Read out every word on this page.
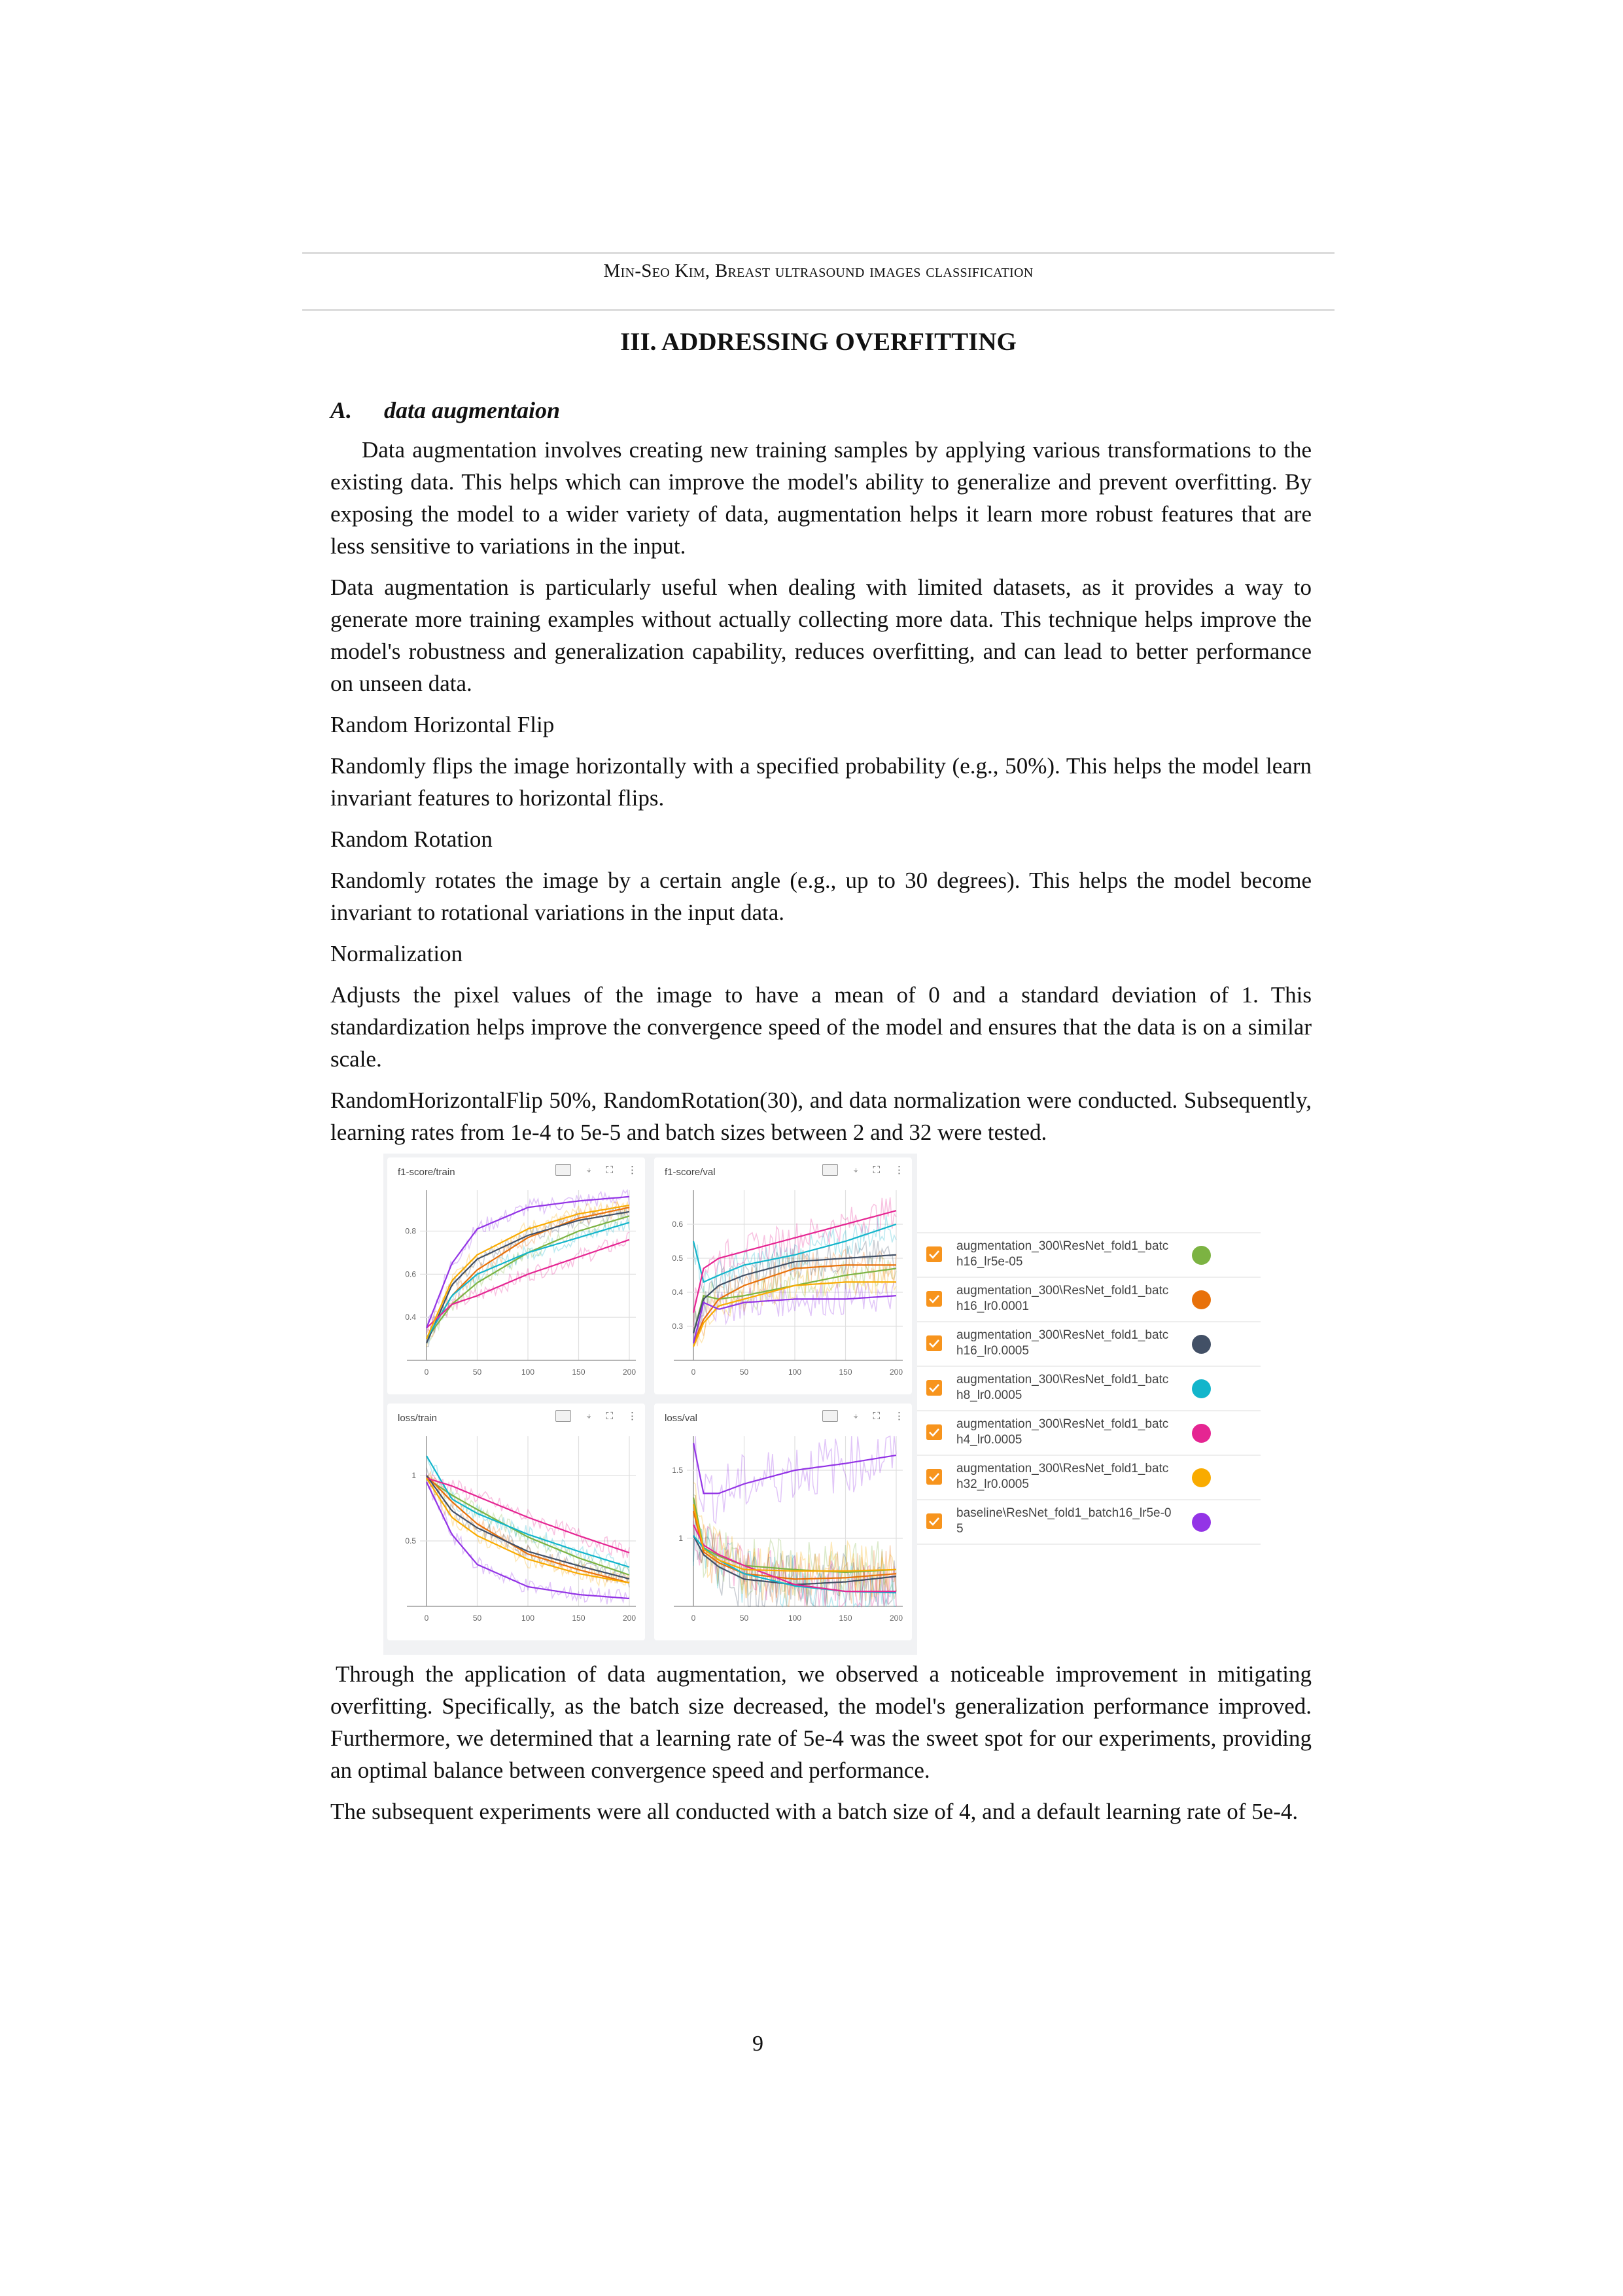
Min-Seo Kim, Breast ultrasound images classification
III. ADDRESSING OVERFITTING
A. data augmentaion

Data augmentation involves creating new training samples by applying various transformations to the existing data. This helps which can improve the model's ability to generalize and prevent overfitting. By exposing the model to a wider variety of data, augmentation helps it learn more robust features that are less sensitive to variations in the input.

Data augmentation is particularly useful when dealing with limited datasets, as it provides a way to generate more training examples without actually collecting more data. This technique helps improve the model's robustness and generalization capability, reduces overfitting, and can lead to better performance on unseen data.

Random Horizontal Flip

Randomly flips the image horizontally with a specified probability (e.g., 50%). This helps the model learn invariant features to horizontal flips.

Random Rotation

Randomly rotates the image by a certain angle (e.g., up to 30 degrees). This helps the model become invariant to rotational variations in the input data.

Normalization

Adjusts the pixel values of the image to have a mean of 0 and a standard deviation of 1. This standardization helps improve the convergence speed of the model and ensures that the data is on a similar scale.

RandomHorizontalFlip 50%, RandomRotation(30), and data normalization were conducted. Subsequently, learning rates from 1e-4 to 5e-5 and batch sizes between 2 and 32 were tested.

f1-score/train	⍖ ⛶ ⋮
0	50	100	150	200
0.4
0.6
0.8
f1-score/val	⍖ ⛶ ⋮
0	50	100	150	200
0.3
0.4
0.5
0.6
loss/train	⍖ ⛶ ⋮
0	50	100	150	200
0.5
1
loss/val	⍖ ⛶ ⋮
0	50	100	150	200
1
1.5
augmentation_300\ResNet_fold1_batch16_lr5e-05
augmentation_300\ResNet_fold1_batch16_lr0.0001
augmentation_300\ResNet_fold1_batch16_lr0.0005
augmentation_300\ResNet_fold1_batch8_lr0.0005
augmentation_300\ResNet_fold1_batch4_lr0.0005
augmentation_300\ResNet_fold1_batch32_lr0.0005
baseline\ResNet_fold1_batch16_lr5e-05

Through the application of data augmentation, we observed a noticeable improvement in mitigating overfitting. Specifically, as the batch size decreased, the model's generalization performance improved. Furthermore, we determined that a learning rate of 5e-4 was the sweet spot for our experiments, providing an optimal balance between convergence speed and performance.

The subsequent experiments were all conducted with a batch size of 4, and a default learning rate of 5e-4.

9
